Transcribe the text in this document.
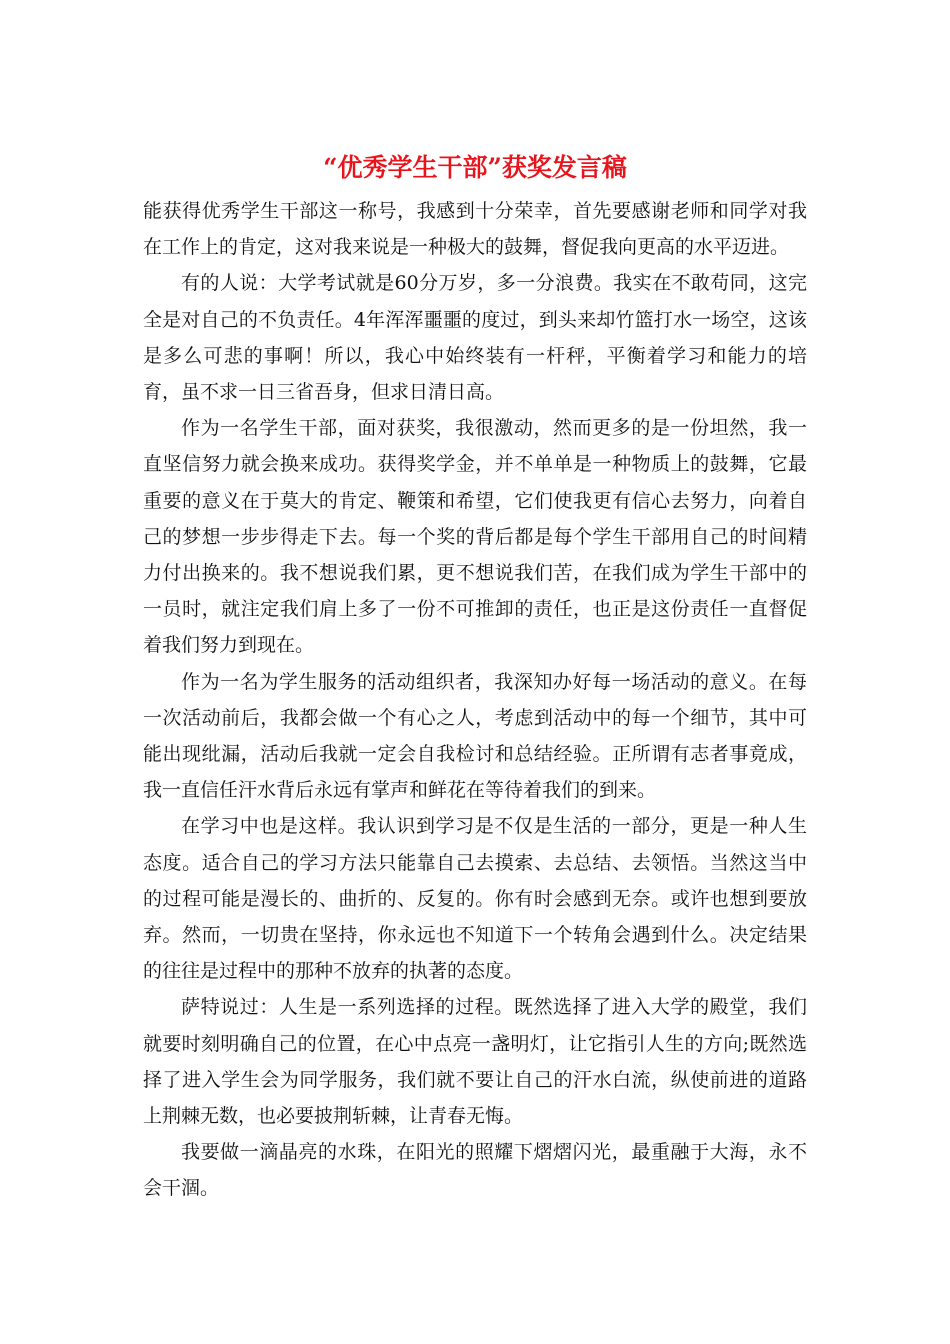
“优秀学生干部”获奖发言稿

能获得优秀学生干部这一称号，我感到十分荣幸，首先要感谢老师和同学对我在工作上的肯定，这对我来说是一种极大的鼓舞，督促我向更高的水平迈进。

有的人说：大学考试就是60分万岁，多一分浪费。我实在不敢苟同，这完全是对自己的不负责任。4年浑浑噩噩的度过，到头来却竹篮打水一场空，这该是多么可悲的事啊！所以，我心中始终装有一杆秤，平衡着学习和能力的培育，虽不求一日三省吾身，但求日清日高。

作为一名学生干部，面对获奖，我很激动，然而更多的是一份坦然，我一直坚信努力就会换来成功。获得奖学金，并不单单是一种物质上的鼓舞，它最重要的意义在于莫大的肯定、鞭策和希望，它们使我更有信心去努力，向着自己的梦想一步步得走下去。每一个奖的背后都是每个学生干部用自己的时间精力付出换来的。我不想说我们累，更不想说我们苦，在我们成为学生干部中的一员时，就注定我们肩上多了一份不可推卸的责任，也正是这份责任一直督促着我们努力到现在。

作为一名为学生服务的活动组织者，我深知办好每一场活动的意义。在每一次活动前后，我都会做一个有心之人，考虑到活动中的每一个细节，其中可能出现纰漏，活动后我就一定会自我检讨和总结经验。正所谓有志者事竟成，我一直信任汗水背后永远有掌声和鲜花在等待着我们的到来。

在学习中也是这样。我认识到学习是不仅是生活的一部分，更是一种人生态度。适合自己的学习方法只能靠自己去摸索、去总结、去领悟。当然这当中的过程可能是漫长的、曲折的、反复的。你有时会感到无奈。或许也想到要放弃。然而，一切贵在坚持，你永远也不知道下一个转角会遇到什么。决定结果的往往是过程中的那种不放弃的执著的态度。

萨特说过：人生是一系列选择的过程。既然选择了进入大学的殿堂，我们就要时刻明确自己的位置，在心中点亮一盏明灯，让它指引人生的方向;既然选择了进入学生会为同学服务，我们就不要让自己的汗水白流，纵使前进的道路上荆棘无数，也必要披荆斩棘，让青春无悔。

我要做一滴晶亮的水珠，在阳光的照耀下熠熠闪光，最重融于大海，永不会干涸。
